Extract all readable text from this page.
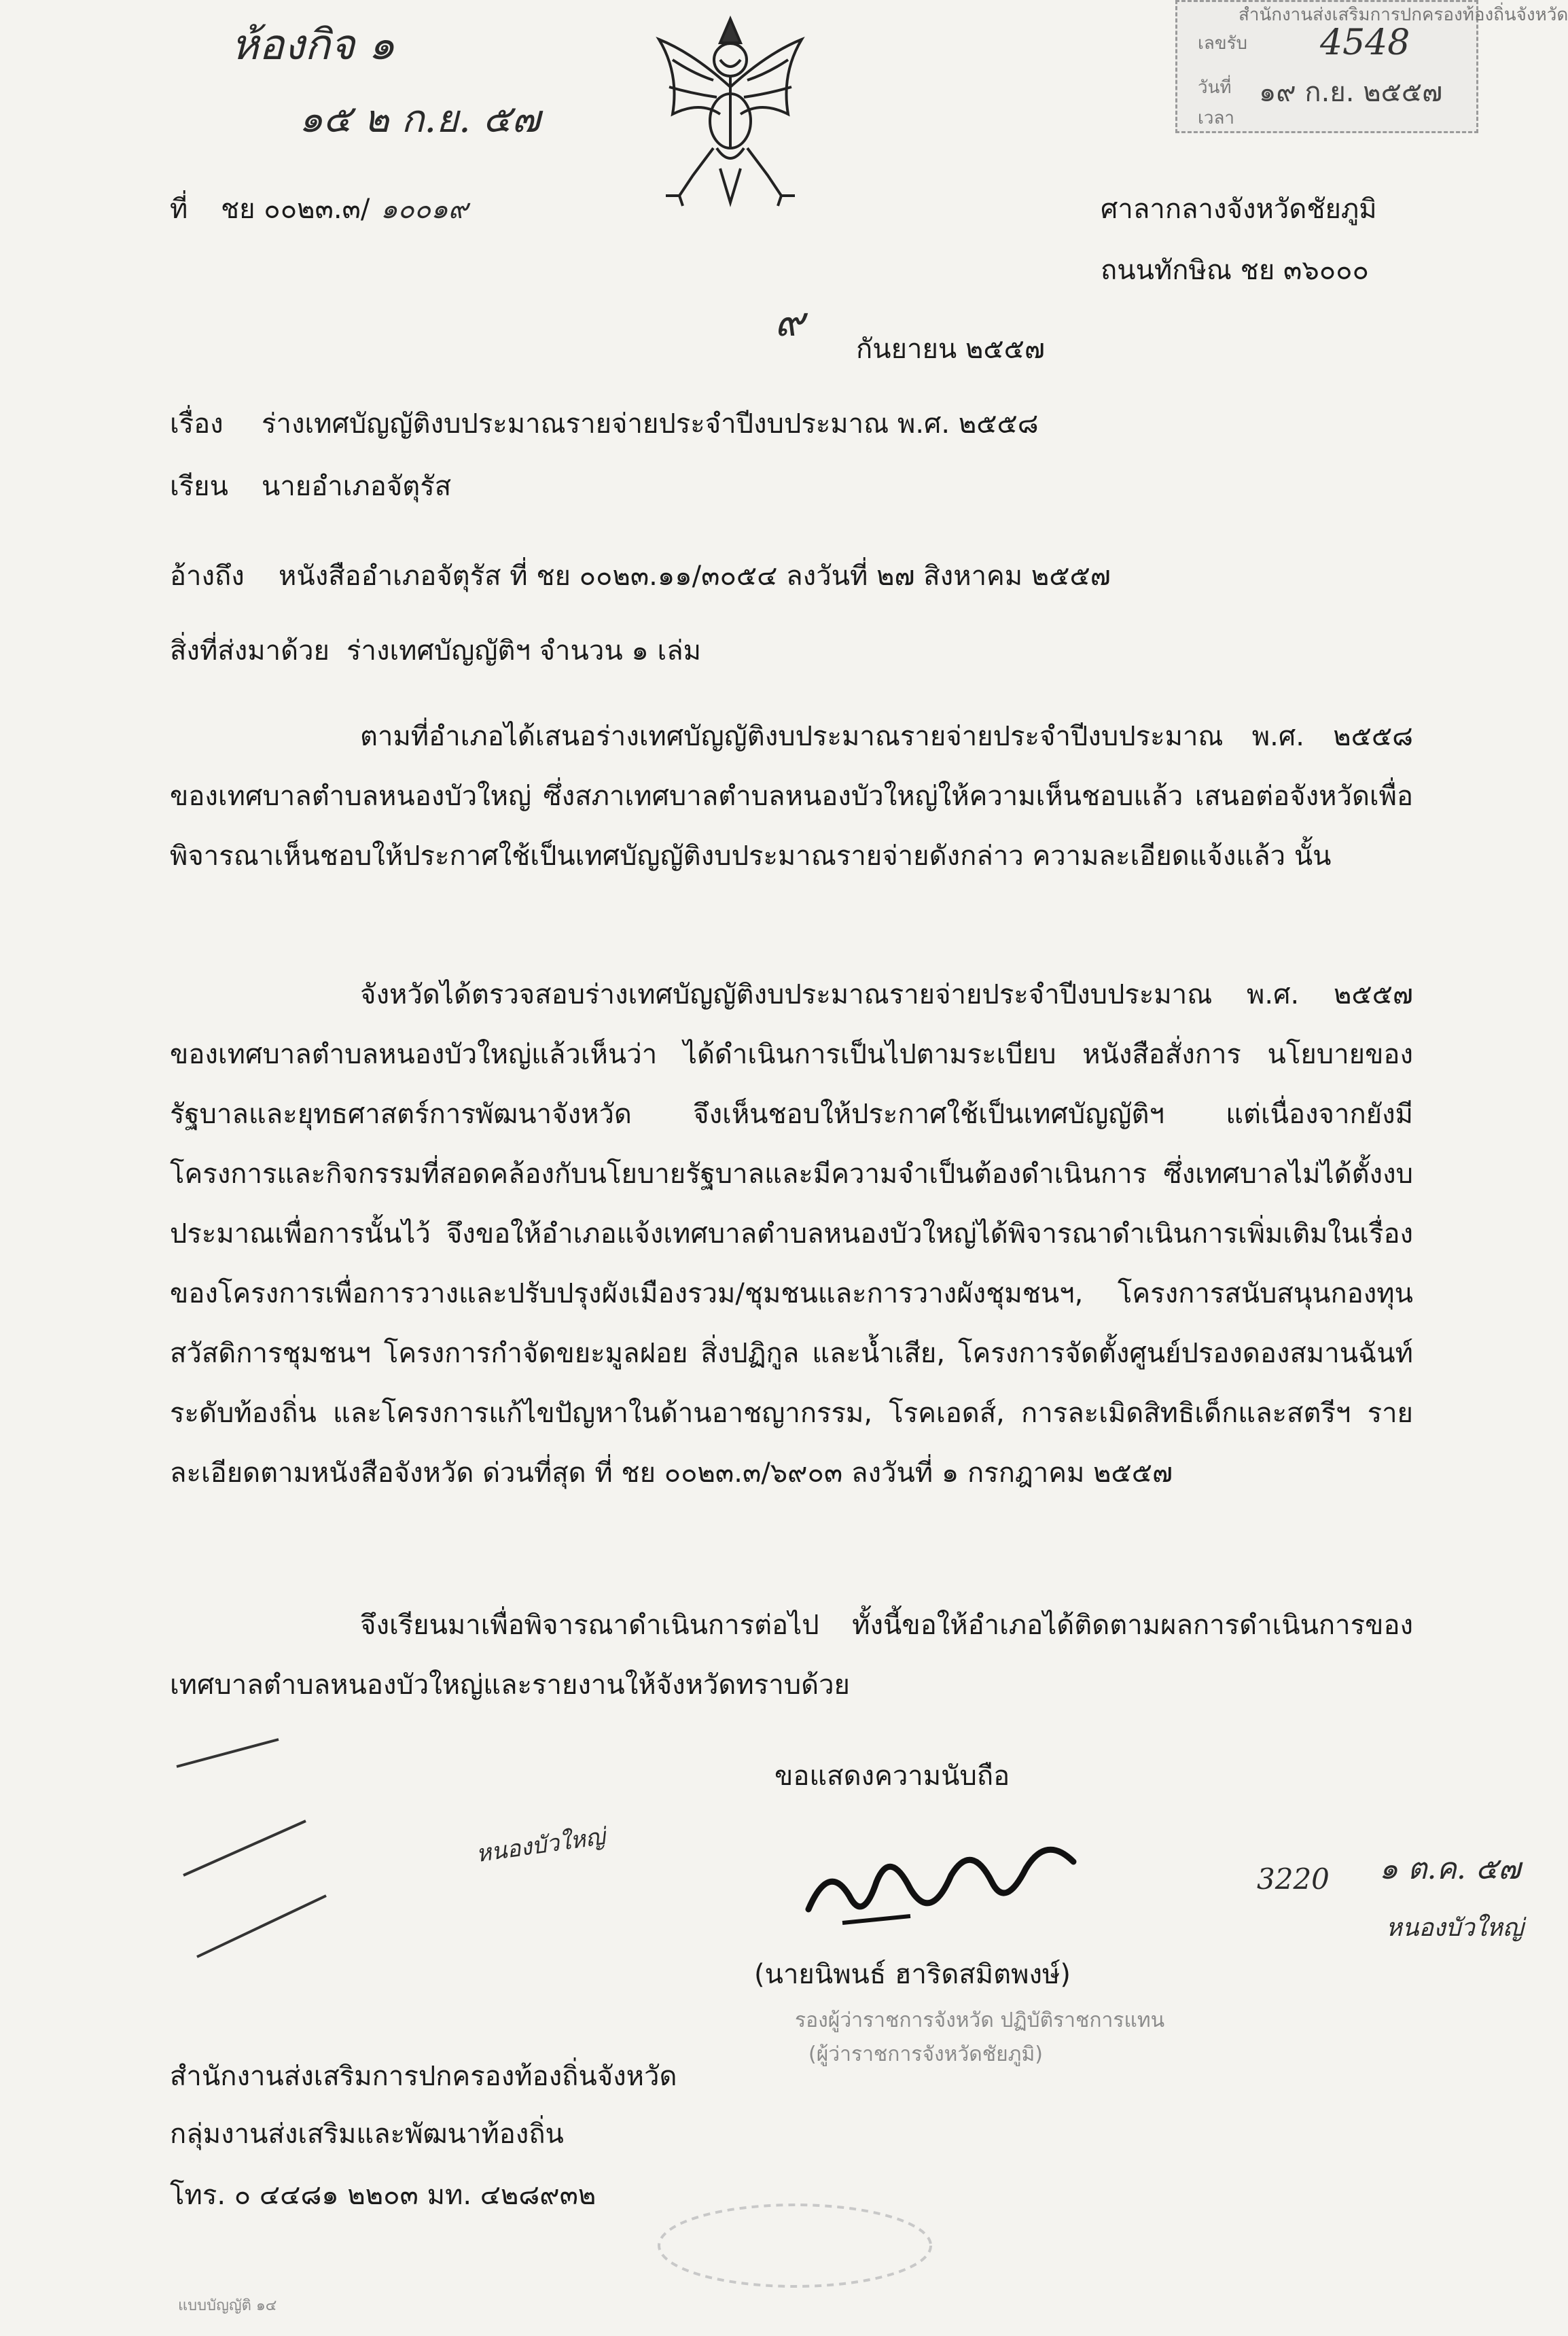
ห้องกิจ ๑
๑๕ ๒ ก.ย. ๕๗
สำนักงานส่งเสริมการปกครองท้องถิ่นจังหวัด
เลขรับ
วันที่
เวลา
4548
๑๙ ก.ย. ๒๕๕๗
ที่ ชย ๐๐๒๓.๓/ ๑๐๐๑๙	ศาลากลางจังหวัดชัยภูมิ
ถนนทักษิณ ชย ๓๖๐๐๐
๙
กันยายน ๒๕๕๗
เรื่อง ร่างเทศบัญญัติงบประมาณรายจ่ายประจำปีงบประมาณ พ.ศ. ๒๕๕๘
เรียน นายอำเภอจัตุรัส
อ้างถึง หนังสืออำเภอจัตุรัส ที่ ชย ๐๐๒๓.๑๑/๓๐๕๔ ลงวันที่ ๒๗ สิงหาคม ๒๕๕๗
สิ่งที่ส่งมาด้วย ร่างเทศบัญญัติฯ จำนวน ๑ เล่ม

ตามที่อำเภอได้เสนอร่างเทศบัญญัติงบประมาณรายจ่ายประจำปีงบประมาณ พ.ศ. ๒๕๕๘ ของเทศบาลตำบลหนองบัวใหญ่ ซึ่งสภาเทศบาลตำบลหนองบัวใหญ่ให้ความเห็นชอบแล้ว เสนอต่อจังหวัดเพื่อพิจารณาเห็นชอบให้ประกาศใช้เป็นเทศบัญญัติงบประมาณรายจ่ายดังกล่าว ความละเอียดแจ้งแล้ว นั้น

จังหวัดได้ตรวจสอบร่างเทศบัญญัติงบประมาณรายจ่ายประจำปีงบประมาณ พ.ศ. ๒๕๕๗ ของเทศบาลตำบลหนองบัวใหญ่แล้วเห็นว่า ได้ดำเนินการเป็นไปตามระเบียบ หนังสือสั่งการ นโยบายของรัฐบาลและยุทธศาสตร์การพัฒนาจังหวัด จึงเห็นชอบให้ประกาศใช้เป็นเทศบัญญัติฯ แต่เนื่องจากยังมีโครงการและกิจกรรมที่สอดคล้องกับนโยบายรัฐบาลและมีความจำเป็นต้องดำเนินการ ซึ่งเทศบาลไม่ได้ตั้งงบประมาณเพื่อการนั้นไว้ จึงขอให้อำเภอแจ้งเทศบาลตำบลหนองบัวใหญ่ได้พิจารณาดำเนินการเพิ่มเติมในเรื่องของโครงการเพื่อการวางและปรับปรุงผังเมืองรวม/ชุมชนและการวางผังชุมชนฯ, โครงการสนับสนุนกองทุนสวัสดิการชุมชนฯ โครงการกำจัดขยะมูลฝอย สิ่งปฏิกูล และน้ำเสีย, โครงการจัดตั้งศูนย์ปรองดองสมานฉันท์ระดับท้องถิ่น และโครงการแก้ไขปัญหาในด้านอาชญากรรม, โรคเอดส์, การละเมิดสิทธิเด็กและสตรีฯ รายละเอียดตามหนังสือจังหวัด ด่วนที่สุด ที่ ชย ๐๐๒๓.๓/๖๙๐๓ ลงวันที่ ๑ กรกฎาคม ๒๕๕๗

จึงเรียนมาเพื่อพิจารณาดำเนินการต่อไป ทั้งนี้ขอให้อำเภอได้ติดตามผลการดำเนินการของเทศบาลตำบลหนองบัวใหญ่และรายงานให้จังหวัดทราบด้วย

ขอแสดงความนับถือ
(นายนิพนธ์ ฮาริดสมิตพงษ์)
รองผู้ว่าราชการจังหวัด ปฏิบัติราชการแทน
(ผู้ว่าราชการจังหวัดชัยภูมิ)
หนองบัวใหญ่
3220 ๑ ต.ค. ๕๗
หนองบัวใหญ่
สำนักงานส่งเสริมการปกครองท้องถิ่นจังหวัด
กลุ่มงานส่งเสริมและพัฒนาท้องถิ่น
โทร. ๐ ๔๔๘๑ ๒๒๐๓ มท. ๔๒๘๙๓๒
แบบบัญญัติ ๑๔
